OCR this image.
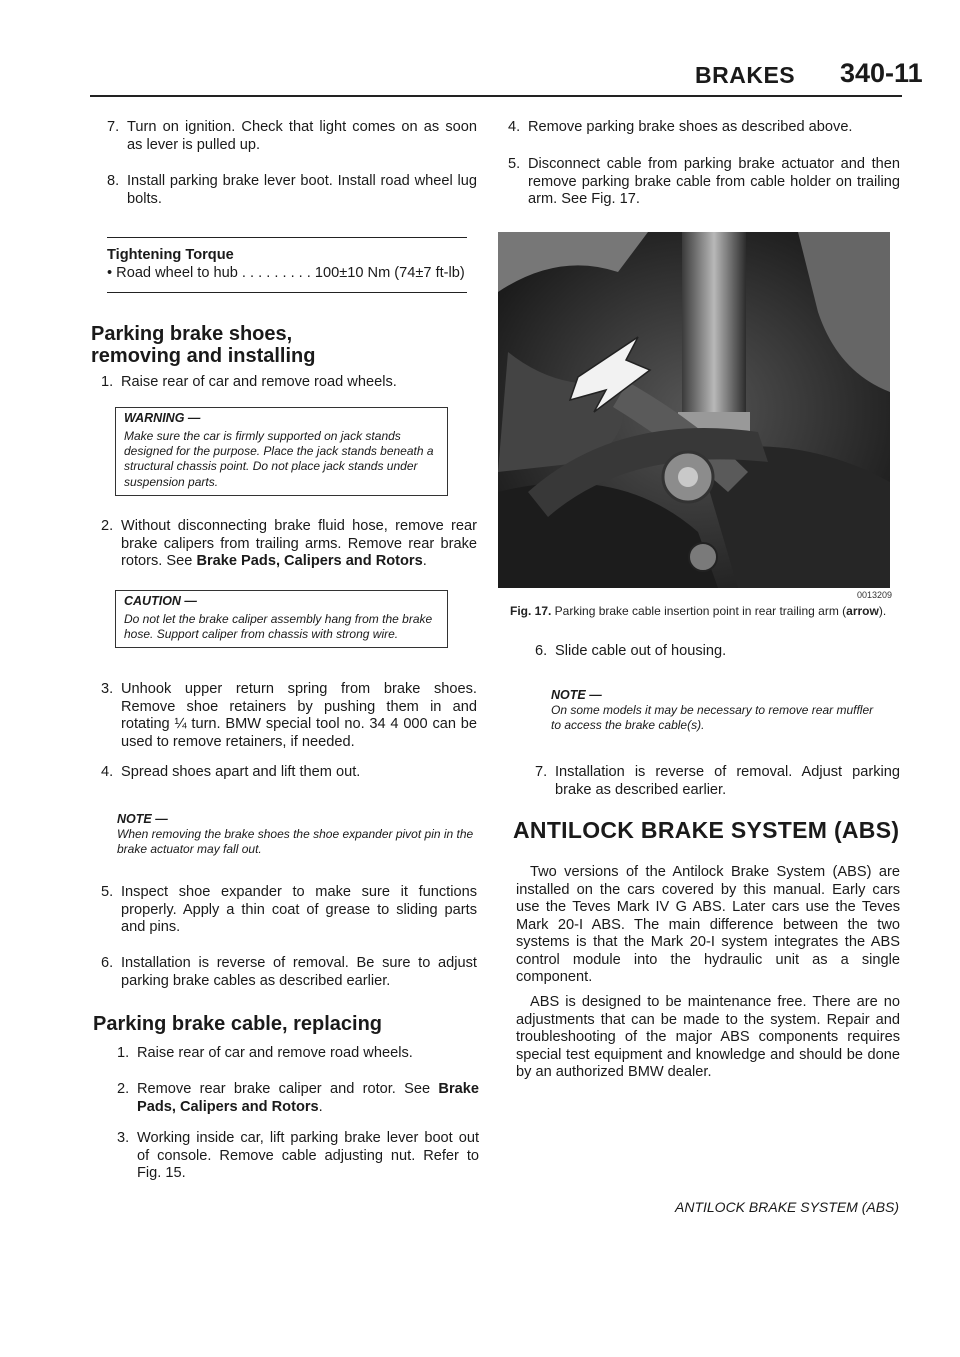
BRAKES 340-11

7. Turn on ignition. Check that light comes on as soon as lever is pulled up.

8. Install parking brake lever boot. Install road wheel lug bolts.

Tightening Torque
• Road wheel to hub . . . . . . . . . 100±10 Nm (74±7 ft-lb)
Parking brake shoes,
removing and installing

1. Raise rear of car and remove road wheels.

WARNING —
Make sure the car is firmly supported on jack stands designed for the purpose. Place the jack stands beneath a structural chassis point. Do not place jack stands under suspension parts.

2. Without disconnecting brake fluid hose, remove rear brake calipers from trailing arms. Remove rear brake rotors. See Brake Pads, Calipers and Rotors.

CAUTION —
Do not let the brake caliper assembly hang from the brake hose. Support caliper from chassis with strong wire.

3. Unhook upper return spring from brake shoes. Remove shoe retainers by pushing them in and rotating ¼ turn. BMW special tool no. 34 4 000 can be used to remove retainers, if needed.

4. Spread shoes apart and lift them out.

NOTE —
When removing the brake shoes the shoe expander pivot pin in the brake actuator may fall out.

5. Inspect shoe expander to make sure it functions properly. Apply a thin coat of grease to sliding parts and pins.

6. Installation is reverse of removal. Be sure to adjust parking brake cables as described earlier.

Parking brake cable, replacing

1. Raise rear of car and remove road wheels.

2. Remove rear brake caliper and rotor. See Brake Pads, Calipers and Rotors.

3. Working inside car, lift parking brake lever boot out of console. Remove cable adjusting nut. Refer to Fig. 15.

4. Remove parking brake shoes as described above.

5. Disconnect cable from parking brake actuator and then remove parking brake cable from cable holder on trailing arm. See Fig. 17.

0013209
Fig. 17. Parking brake cable insertion point in rear trailing arm (arrow).

6. Slide cable out of housing.

NOTE —
On some models it may be necessary to remove rear muffler to access the brake cable(s).

7. Installation is reverse of removal. Adjust parking brake as described earlier.

ANTILOCK BRAKE SYSTEM (ABS)

Two versions of the Antilock Brake System (ABS) are installed on the cars covered by this manual. Early cars use the Teves Mark IV G ABS. Later cars use the Teves Mark 20-I ABS. The main difference between the two systems is that the Mark 20-I system integrates the ABS control module into the hydraulic unit as a single component.

ABS is designed to be maintenance free. There are no adjustments that can be made to the system. Repair and troubleshooting of the major ABS components requires special test equipment and knowledge and should be done by an authorized BMW dealer.

ANTILOCK BRAKE SYSTEM (ABS)
